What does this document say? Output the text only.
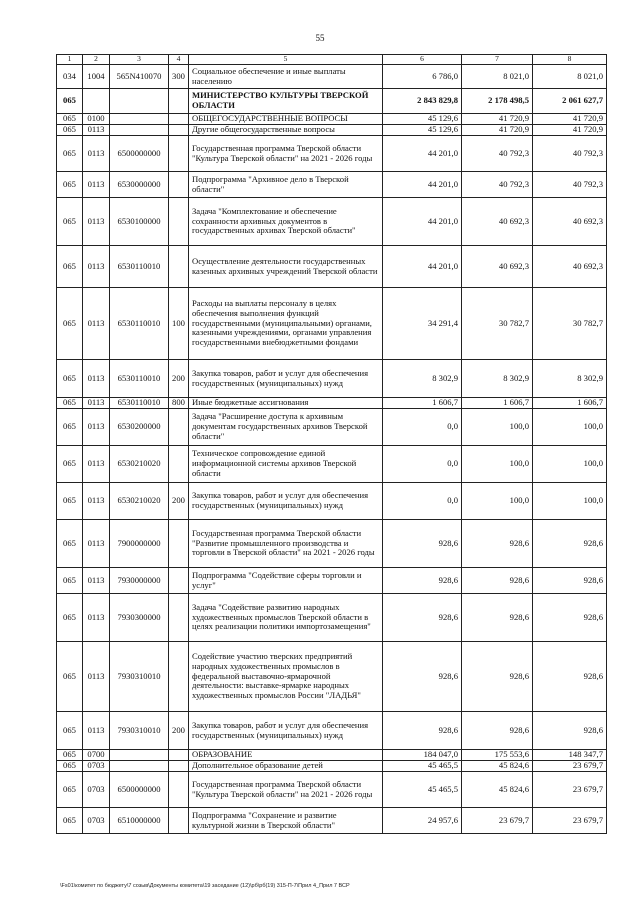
55
1	2	3	4	5	6	7	8
034	1004	565N410070	300	Социальное обеспечение и иные выплаты населению	6 786,0	8 021,0	8 021,0
065				МИНИСТЕРСТВО КУЛЬТУРЫ ТВЕРСКОЙ ОБЛАСТИ	2 843 829,8	2 178 498,5	2 061 627,7
065	0100			ОБЩЕГОСУДАРСТВЕННЫЕ ВОПРОСЫ	45 129,6	41 720,9	41 720,9
065	0113			Другие общегосударственные вопросы	45 129,6	41 720,9	41 720,9
065	0113	6500000000		Государственная программа Тверской области "Культура Тверской области" на 2021 - 2026 годы	44 201,0	40 792,3	40 792,3
065	0113	6530000000		Подпрограмма "Архивное дело в Тверской области"	44 201,0	40 792,3	40 792,3
065	0113	6530100000		Задача "Комплектование и обеспечение сохранности архивных документов в государственных архивах Тверской области"	44 201,0	40 692,3	40 692,3
065	0113	6530110010		Осуществление деятельности государственных казенных архивных учреждений Тверской области	44 201,0	40 692,3	40 692,3
065	0113	6530110010	100	Расходы на выплаты персоналу в целях обеспечения выполнения функций государственными (муниципальными) органами, казенными учреждениями, органами управления государственными внебюджетными фондами	34 291,4	30 782,7	30 782,7
065	0113	6530110010	200	Закупка товаров, работ и услуг для обеспечения государственных (муниципальных) нужд	8 302,9	8 302,9	8 302,9
065	0113	6530110010	800	Иные бюджетные ассигнования	1 606,7	1 606,7	1 606,7
065	0113	6530200000		Задача "Расширение доступа к архивным документам государственных архивов Тверской области"	0,0	100,0	100,0
065	0113	6530210020		Техническое сопровождение единой информационной системы архивов Тверской области	0,0	100,0	100,0
065	0113	6530210020	200	Закупка товаров, работ и услуг для обеспечения государственных (муниципальных) нужд	0,0	100,0	100,0
065	0113	7900000000		Государственная программа Тверской области "Развитие промышленного производства и торговли в Тверской области" на 2021 - 2026 годы	928,6	928,6	928,6
065	0113	7930000000		Подпрограмма "Содействие сферы торговли и услуг"	928,6	928,6	928,6
065	0113	7930300000		Задача "Содействие развитию народных художественных промыслов Тверской области в целях реализации политики импортозамещения"	928,6	928,6	928,6
065	0113	7930310010		Содействие участию тверских предприятий народных художественных промыслов в федеральной выставочно-ярмарочной деятельности: выставке-ярмарке народных художественных промыслов России "ЛАДЬЯ"	928,6	928,6	928,6
065	0113	7930310010	200	Закупка товаров, работ и услуг для обеспечения государственных (муниципальных) нужд	928,6	928,6	928,6
065	0700			ОБРАЗОВАНИЕ	184 047,0	175 553,6	148 347,7
065	0703			Дополнительное образование детей	45 465,5	45 824,6	23 679,7
065	0703	6500000000		Государственная программа Тверской области "Культура Тверской области" на 2021 - 2026 годы	45 465,5	45 824,6	23 679,7
065	0703	6510000000		Подпрограмма "Сохранение и развитие культурной жизни в Тверской области"	24 957,6	23 679,7	23 679,7
\Fs01\комитет по бюджету\7 созыв\Документы комитета\19 заседание (12)\рб\рб(19) 315-П-7\Прил 4_Прил 7 ВСР
